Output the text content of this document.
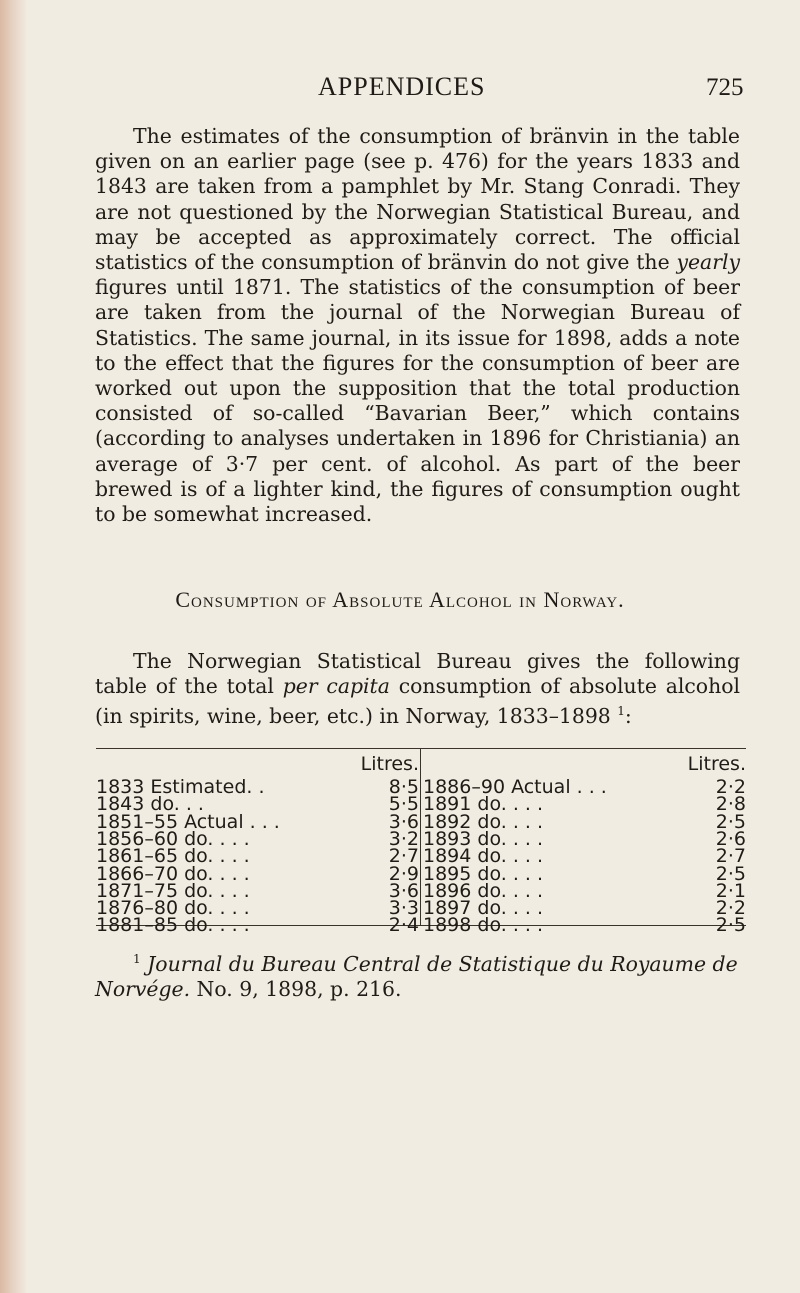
APPENDICES	725

The estimates of the consumption of bränvin in the table given on an earlier page (see p. 476) for the years 1833 and 1843 are taken from a pamphlet by Mr. Stang Conradi. They are not questioned by the Norwegian Statistical Bureau, and may be accepted as approximately correct. The official statistics of the consumption of bränvin do not give the yearly figures until 1871. The statistics of the consumption of beer are taken from the journal of the Norwegian Bureau of Statistics. The same journal, in its issue for 1898, adds a note to the effect that the figures for the consumption of beer are worked out upon the supposition that the total production consisted of so-called “Bavarian Beer,” which contains (according to analyses undertaken in 1896 for Christiania) an average of 3·7 per cent. of alcohol. As part of the beer brewed is of a lighter kind, the figures of consumption ought to be somewhat increased.

Consumption of Absolute Alcohol in Norway.

The Norwegian Statistical Bureau gives the following table of the total per capita consumption of absolute alcohol (in spirits, wine, beer, etc.) in Norway, 1833–1898 $^1$:

Litres.
1833 Estimated. .	8·5
1843 do. . .	5·5
1851–55 Actual . . .	3·6
1856–60 do. . . .	3·2
1861–65 do. . . .	2·7
1866–70 do. . . .	2·9
1871–75 do. . . .	3·6
1876–80 do. . . .	3·3
1881–85 do. . . .	2·4
Litres.
1886–90 Actual . . .	2·2
1891 do. . . .	2·8
1892 do. . . .	2·5
1893 do. . . .	2·6
1894 do. . . .	2·7
1895 do. . . .	2·5
1896 do. . . .	2·1
1897 do. . . .	2·2
1898 do. . . .	2·5

$^1$ Journal du Bureau Central de Statistique du Royaume de Norvége. No. 9, 1898, p. 216.
